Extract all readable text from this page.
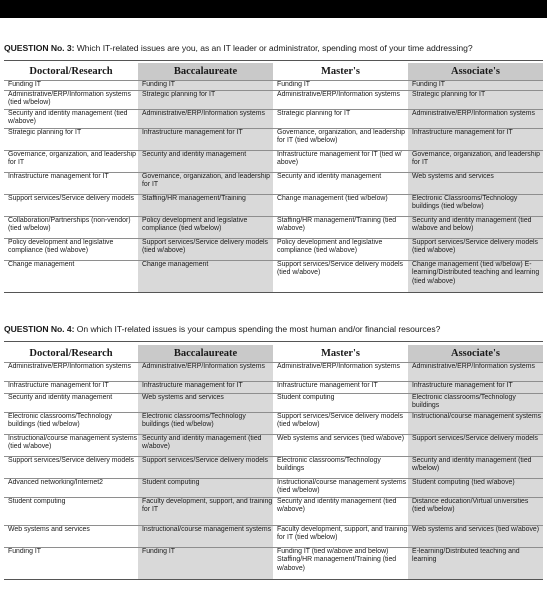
QUESTION No. 3: Which IT-related issues are you, as an IT leader or administrator, spending most of your time addressing?
Doctoral/Research	Baccalaureate	Master's	Associate's
Funding IT	Funding IT	Funding IT	Funding IT
Administrative/ERP/Information systems (tied w/below)	Strategic planning for IT	Administrative/ERP/Information systems	Strategic planning for IT
Security and identity management (tied w/above)	Administrative/ERP/Information systems	Strategic planning for IT	Administrative/ERP/Information systems
Strategic planning for IT	Infrastructure management for IT	Governance, organization, and leadership for IT (tied w/below)	Infrastructure management for IT
Governance, organization, and leadership for IT	Security and identity management	Infrastructure management for IT (tied w/ above)	Governance, organization, and leadership for IT
Infrastructure management for IT	Governance, organization, and leadership for IT	Security and identity management	Web systems and services
Support services/Service delivery models	Staffing/HR management/Training	Change management (tied w/below)	Electronic Classrooms/Technology buildings (tied w/below)
Collaboration/Partnerships (non-vendor) (tied w/below)	Policy development and legislative compliance (tied w/below)	Staffing/HR management/Training (tied w/above)	Security and identity management (tied w/above and below)
Policy development and legislative compliance (tied w/above)	Support services/Service delivery models (tied w/above)	Policy development and legislative compliance (tied w/above)	Support services/Service delivery models (tied w/above)
Change management	Change management	Support services/Service delivery models (tied w/above)	Change management (tied w/below) E-learning/Distributed teaching and learning (tied w/above)
QUESTION No. 4: On which IT-related issues is your campus spending the most human and/or financial resources?
Doctoral/Research	Baccalaureate	Master's	Associate's
Administrative/ERP/Information systems	Administrative/ERP/Information systems	Administrative/ERP/Information systems	Administrative/ERP/Information systems
Infrastructure management for IT	Infrastructure management for IT	Infrastructure management for IT	Infrastructure management for IT
Security and identity management	Web systems and services	Student computing	Electronic classrooms/Technology buildings
Electronic classrooms/Technology buildings (tied w/below)	Electronic classrooms/Technology buildings (tied w/below)	Support services/Service delivery models (tied w/below)	Instructional/course management systems
Instructional/course management systems (tied w/above)	Security and identity management (tied w/above)	Web systems and services (tied w/above)	Support services/Service delivery models
Support services/Service delivery models	Support services/Service delivery models	Electronic classrooms/Technology buildings	Security and identity management (tied w/below)
Advanced networking/Internet2	Student computing	Instructional/course management systems (tied w/below)	Student computing (tied w/above)
Student computing	Faculty development, support, and training for IT	Security and identity management (tied w/above)	Distance education/Virtual universities (tied w/below)
Web systems and services	Instructional/course management systems	Faculty development, support, and training for IT (tied w/below)	Web systems and services (tied w/above)
Funding IT	Funding IT	Funding IT (tied w/above and below) Staffing/HR management/Training (tied w/above)	E-learning/Distributed teaching and learning
